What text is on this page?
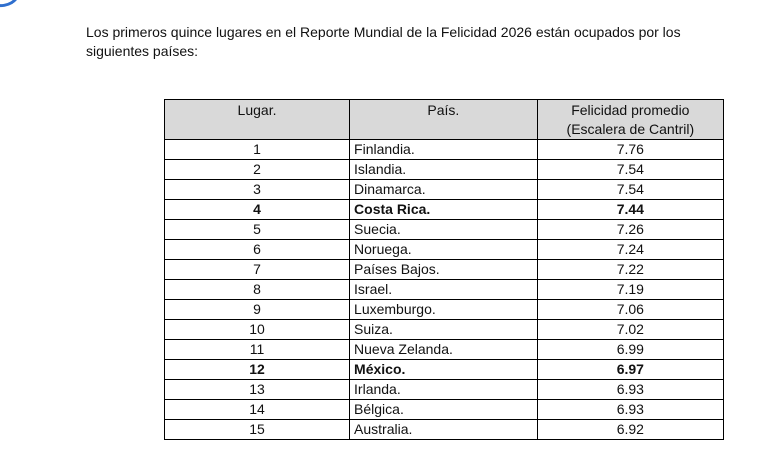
Los primeros quince lugares en el Reporte Mundial de la Felicidad 2026 están ocupados por los siguientes países:

Lugar.	País.	Felicidad promedio
(Escalera de Cantril)

1	Finlandia.	7.76
2	Islandia.	7.54
3	Dinamarca.	7.54
4	Costa Rica.	7.44
5	Suecia.	7.26
6	Noruega.	7.24
7	Países Bajos.	7.22
8	Israel.	7.19
9	Luxemburgo.	7.06
10	Suiza.	7.02
11	Nueva Zelanda.	6.99
12	México.	6.97
13	Irlanda.	6.93
14	Bélgica.	6.93
15	Australia.	6.92
